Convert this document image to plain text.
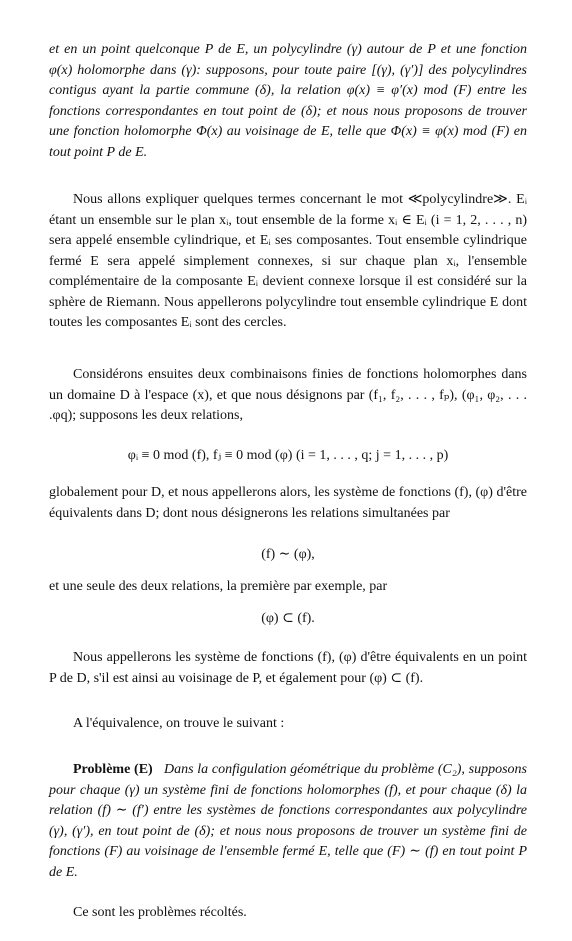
et en un point quelconque P de E, un polycylindre (γ) autour de P et une fonction φ(x) holomorphe dans (γ): supposons, pour toute paire [(γ), (γ′)] des polycylindres contigus ayant la partie commune (δ), la relation φ(x) ≡ φ′(x) mod (F) entre les fonctions correspondantes en tout point de (δ); et nous nous proposons de trouver une fonction holomorphe Φ(x) au voisinage de E, telle que Φ(x) ≡ φ(x) mod (F) en tout point P de E.

Nous allons expliquer quelques termes concernant le mot ≪polycylindre≫. Eᵢ étant un ensemble sur le plan xᵢ, tout ensemble de la forme xᵢ ∈ Eᵢ (i = 1, 2, . . . , n) sera appelé ensemble cylindrique, et Eᵢ ses composantes. Tout ensemble cylindrique fermé E sera appelé simplement connexes, si sur chaque plan xᵢ, l'ensemble complémentaire de la composante Eᵢ devient connexe lorsque il est considéré sur la sphère de Riemann. Nous appellerons polycylindre tout ensemble cylindrique E dont toutes les composantes Eᵢ sont des cercles.

Considérons ensuites deux combinaisons finies de fonctions holomorphes dans un domaine D à l'espace (x), et que nous désignons par (f₁, f₂, . . . , fₚ), (φ₁, φ₂, . . . .φq); supposons les deux relations,

φᵢ ≡ 0 mod (f), fⱼ ≡ 0 mod (φ) (i = 1, . . . , q; j = 1, . . . , p)

globalement pour D, et nous appellerons alors, les système de fonctions (f), (φ) d'être équivalents dans D; dont nous désignerons les relations simultanées par

(f) ∼ (φ),

et une seule des deux relations, la première par exemple, par

(φ) ⊂ (f).

Nous appellerons les système de fonctions (f), (φ) d'être équivalents en un point P de D, s'il est ainsi au voisinage de P, et également pour (φ) ⊂ (f).

A l'équivalence, on trouve le suivant :

Problème (E) Dans la configulation géométrique du problème (C₂), supposons pour chaque (γ) un système fini de fonctions holomorphes (f), et pour chaque (δ) la relation (f) ∼ (f′) entre les systèmes de fonctions correspondantes aux polycylindre (γ), (γ′), en tout point de (δ); et nous nous proposons de trouver un système fini de fonctions (F) au voisinage de l'ensemble fermé E, telle que (F) ∼ (f) en tout point P de E.

Ce sont les problèmes récoltés.
